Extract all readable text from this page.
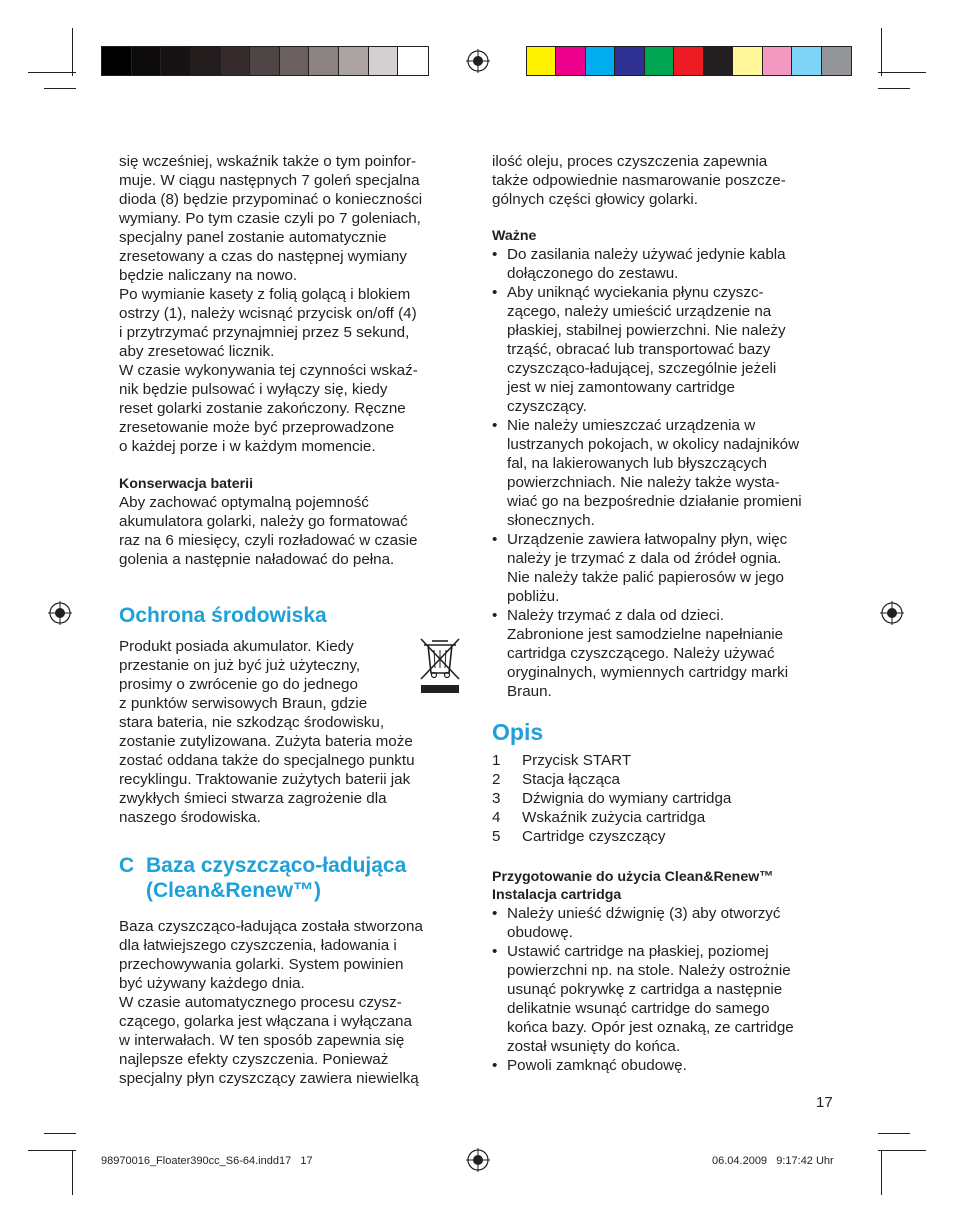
się wcześniej, wskaźnik także o tym poinfor-
muje. W ciągu następnych 7 goleń specjalna
dioda (8) będzie przypominać o konieczności
wymiany. Po tym czasie czyli po 7 goleniach,
specjalny panel zostanie automatycznie
zresetowany a czas do następnej wymiany
będzie naliczany na nowo.
Po wymianie kasety z folią golącą i blokiem
ostrzy (1), należy wcisnąć przycisk on/off (4)
i przytrzymać przynajmniej przez 5 sekund,
aby zresetować licznik.
W czasie wykonywania tej czynności wskaź-
nik będzie pulsować i wyłączy się, kiedy
reset golarki zostanie zakończony. Ręczne
zresetowanie może być przeprowadzone
o każdej porze i w każdym momencie.

Konserwacja baterii

Aby zachować optymalną pojemność
akumulatora golarki, należy go formatować
raz na 6 miesięcy, czyli rozładować w czasie
golenia a następnie naładować do pełna.

Ochrona środowiska

Produkt posiada akumulator. Kiedy
przestanie on już być już użyteczny,
prosimy o zwrócenie go do jednego
z punktów serwisowych Braun, gdzie
stara bateria, nie szkodząc środowisku,
zostanie zutylizowana. Zużyta bateria może
zostać oddana także do specjalnego punktu
recyklingu. Traktowanie zużytych baterii jak
zwykłych śmieci stwarza zagrożenie dla
naszego środowiska.
C Baza czyszcząco-ładująca
(Clean&Renew™)
Baza czyszcząco-ładująca została stworzona
dla łatwiejszego czyszczenia, ładowania i
przechowywania golarki. System powinien
być używany każdego dnia.
W czasie automatycznego procesu czysz-
czącego, golarka jest włączana i wyłączana
w interwałach. W ten sposób zapewnia się
najlepsze efekty czyszczenia. Ponieważ
specjalny płyn czyszczący zawiera niewielką
ilość oleju, proces czyszczenia zapewnia
także odpowiednie nasmarowanie poszcze-
gólnych części głowicy golarki.

Ważne

• Do zasilania należy używać jedynie kabla
dołączonego do zestawu.
• Aby uniknąć wyciekania płynu czyszc-
zącego, należy umieścić urządzenie na
płaskiej, stabilnej powierzchni. Nie należy
trząść, obracać lub transportować bazy
czyszcząco-ładującej, szczególnie jeżeli
jest w niej zamontowany cartridge
czyszczący.
• Nie należy umieszczać urządzenia w
lustrzanych pokojach, w okolicy nadajników
fal, na lakierowanych lub błyszczących
powierzchniach. Nie należy także wysta-
wiać go na bezpośrednie działanie promieni
słonecznych.
• Urządzenie zawiera łatwopalny płyn, więc
należy je trzymać z dala od źródeł ognia.
Nie należy także palić papierosów w jego
pobliżu.
• Należy trzymać z dala od dzieci.
Zabronione jest samodzielne napełnianie
cartridga czyszczącego. Należy używać
oryginalnych, wymiennych cartridgy marki
Braun.

Opis

1	Przycisk START
2	Stacja łącząca
3	Dźwignia do wymiany cartridga
4	Wskaźnik zużycia cartridga
5	Cartridge czyszczący

Przygotowanie do użycia Clean&Renew™

Instalacja cartridga

• Należy unieść dźwignię (3) aby otworzyć
obudowę.
• Ustawić cartridge na płaskiej, poziomej
powierzchni np. na stole. Należy ostrożnie
usunąć pokrywkę z cartridga a następnie
delikatnie wsunąć cartridge do samego
końca bazy. Opór jest oznaką, ze cartridge
został wsunięty do końca.
• Powoli zamknąć obudowę.
17
98970016_Floater390cc_S6-64.indd17   17	06.04.2009   9:17:42 Uhr
